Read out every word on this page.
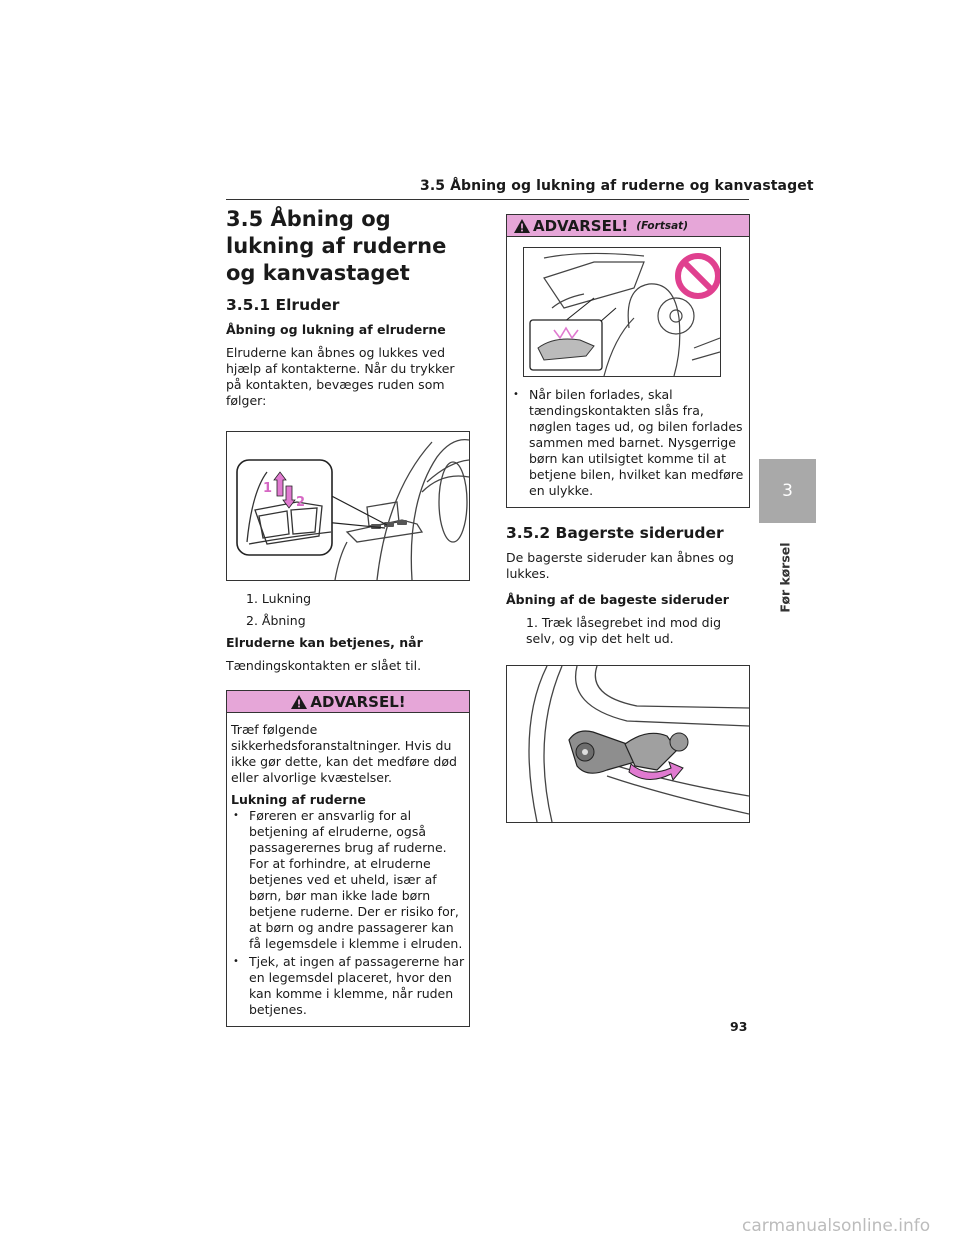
3.5 Åbning og lukning af ruderne og kanvastaget
3.5 Åbning og lukning af ruderne og kanvastaget
3.5.1 Elruder
Åbning og lukning af elruderne

Elruderne kan åbnes og lukkes ved hjælp af kontakterne. Når du trykker på kontakten, bevæges ruden som følger:

1
2
1. Lukning
2. Åbning
Elruderne kan betjenes, når

Tændingskontakten er slået til.

ADVARSEL!

Træf følgende sikkerhedsforanstaltninger. Hvis du ikke gør dette, kan det medføre død eller alvorlige kvæstelser.

Lukning af ruderne
• Føreren er ansvarlig for al betjening af elruderne, også passagerernes brug af ruderne. For at forhindre, at elruderne betjenes ved et uheld, især af børn, bør man ikke lade børn betjene ruderne. Der er risiko for, at børn og andre passagerer kan få legemsdele i klemme i elruden.
• Tjek, at ingen af passagererne har en legemsdel placeret, hvor den kan komme i klemme, når ruden betjenes.
ADVARSEL! (Fortsat)
• Når bilen forlades, skal tændingskontakten slås fra, nøglen tages ud, og bilen forlades sammen med barnet. Nysgerrige børn kan utilsigtet komme til at betjene bilen, hvilket kan medføre en ulykke.
3.5.2 Bagerste sideruder

De bagerste sideruder kan åbnes og lukkes.

Åbning af de bageste sideruder
1. Træk låsegrebet ind mod dig selv, og vip det helt ud.
3
Før kørsel
93
carmanualsonline.info
